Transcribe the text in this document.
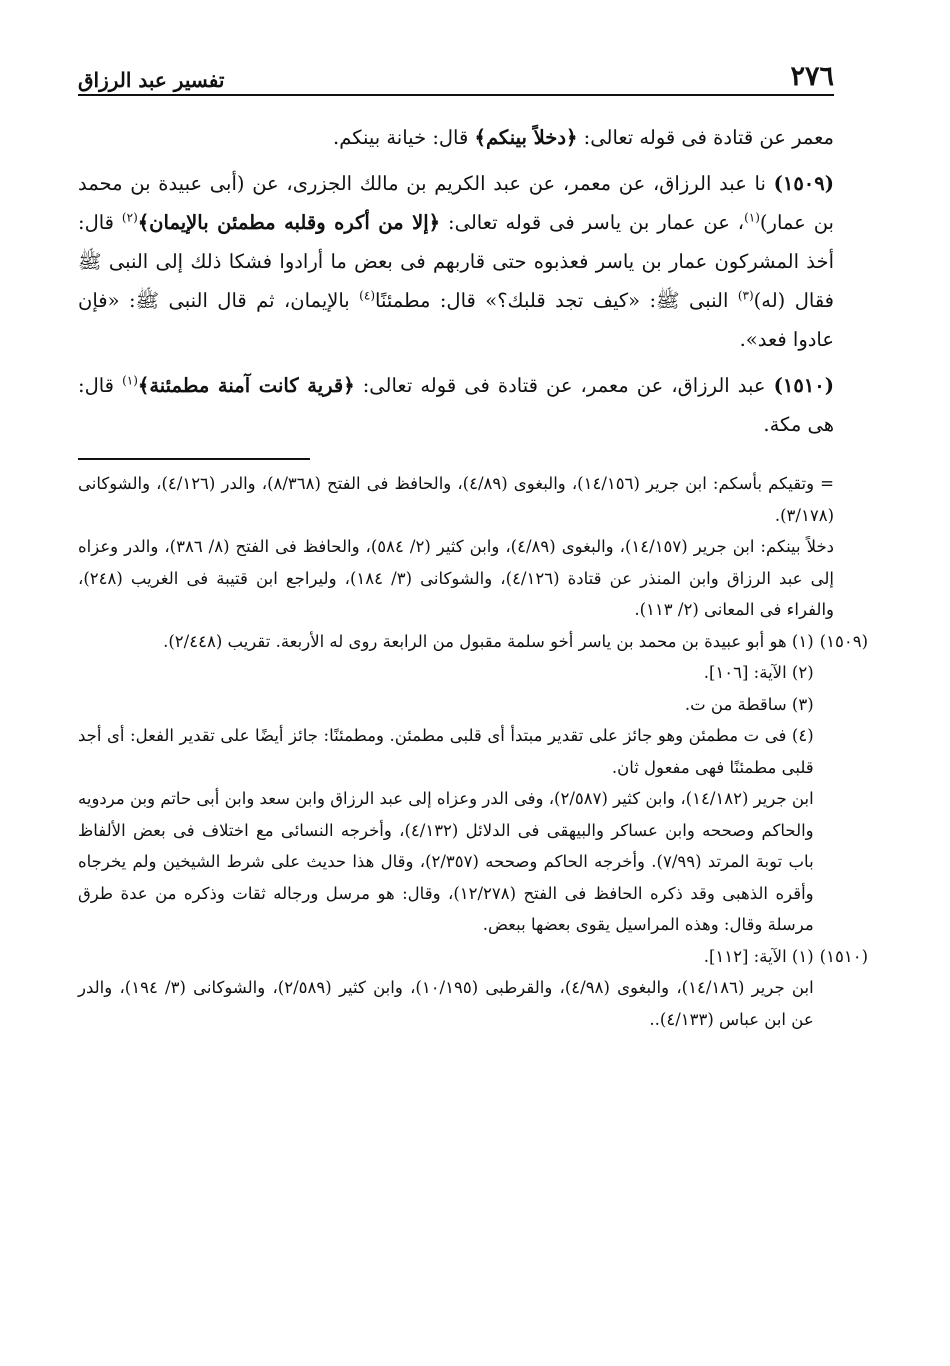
٢٧٦
تفسير عبد الرزاق

معمر عن قتادة فى قوله تعالى: ﴿دخلاً بينكم﴾ قال: خيانة بينكم.

(١٥٠٩) نا عبد الرزاق، عن معمر، عن عبد الكريم بن مالك الجزرى، عن (أبى عبيدة بن محمد بن عمار)$^{(١)}$، عن عمار بن ياسر فى قوله تعالى: ﴿إلا من أكره وقلبه مطمئن بالإيمان﴾$^{(٢)}$ قال: أخذ المشركون عمار بن ياسر فعذبوه حتى قاربهم فى بعض ما أرادوا فشكا ذلك إلى النبى ﷺ فقال (له)$^{(٣)}$ النبى ﷺ: «كيف تجد قلبك؟» قال: مطمئنًا$^{(٤)}$ بالإيمان، ثم قال النبى ﷺ: «فإن عادوا فعد».

(١٥١٠) عبد الرزاق، عن معمر، عن قتادة فى قوله تعالى: ﴿قرية كانت آمنة مطمئنة﴾$^{(١)}$ قال: هى مكة.

= وتقيكم بأسكم: ابن جرير (١٤/١٥٦)، والبغوى (٤/٨٩)، والحافظ فى الفتح (٨/٣٦٨)، والدر (٤/١٢٦)، والشوكانى (٣/١٧٨).

دخلاً بينكم: ابن جرير (١٤/١٥٧)، والبغوى (٤/٨٩)، وابن كثير (٢/ ٥٨٤)، والحافظ فى الفتح (٨/ ٣٨٦)، والدر وعزاه إلى عبد الرزاق وابن المنذر عن قتادة (٤/١٢٦)، والشوكانى (٣/ ١٨٤)، وليراجع ابن قتيبة فى الغريب (٢٤٨)، والفراء فى المعانى (٢/ ١١٣).

(١٥٠٩)

(١) هو أبو عبيدة بن محمد بن ياسر أخو سلمة مقبول من الرابعة روى له الأربعة. تقريب (٢/٤٤٨).

(٢) الآية: [١٠٦].

(٣) ساقطة من ت.

(٤) فى ت مطمئن وهو جائز على تقدير مبتدأ أى قلبى مطمئن. ومطمئنًا: جائز أيضًا على تقدير الفعل: أى أجد قلبى مطمئنًا فهى مفعول ثان.

ابن جرير (١٤/١٨٢)، وابن كثير (٢/٥٨٧)، وفى الدر وعزاه إلى عبد الرزاق وابن سعد وابن أبى حاتم وبن مردويه والحاكم وصححه وابن عساكر والبيهقى فى الدلائل (٤/١٣٢)، وأخرجه النسائى مع اختلاف فى بعض الألفاظ باب توبة المرتد (٧/٩٩). وأخرجه الحاكم وصححه (٢/٣٥٧)، وقال هذا حديث على شرط الشيخين ولم يخرجاه وأقره الذهبى وقد ذكره الحافظ فى الفتح (١٢/٢٧٨)، وقال: هو مرسل ورجاله ثقات وذكره من عدة طرق مرسلة وقال: وهذه المراسيل يقوى بعضها ببعض.

(١٥١٠)

(١) الآية: [١١٢].

ابن جرير (١٤/١٨٦)، والبغوى (٤/٩٨)، والقرطبى (١٠/١٩٥)، وابن كثير (٢/٥٨٩)، والشوكانى (٣/ ١٩٤)، والدر عن ابن عباس (٤/١٣٣)..
